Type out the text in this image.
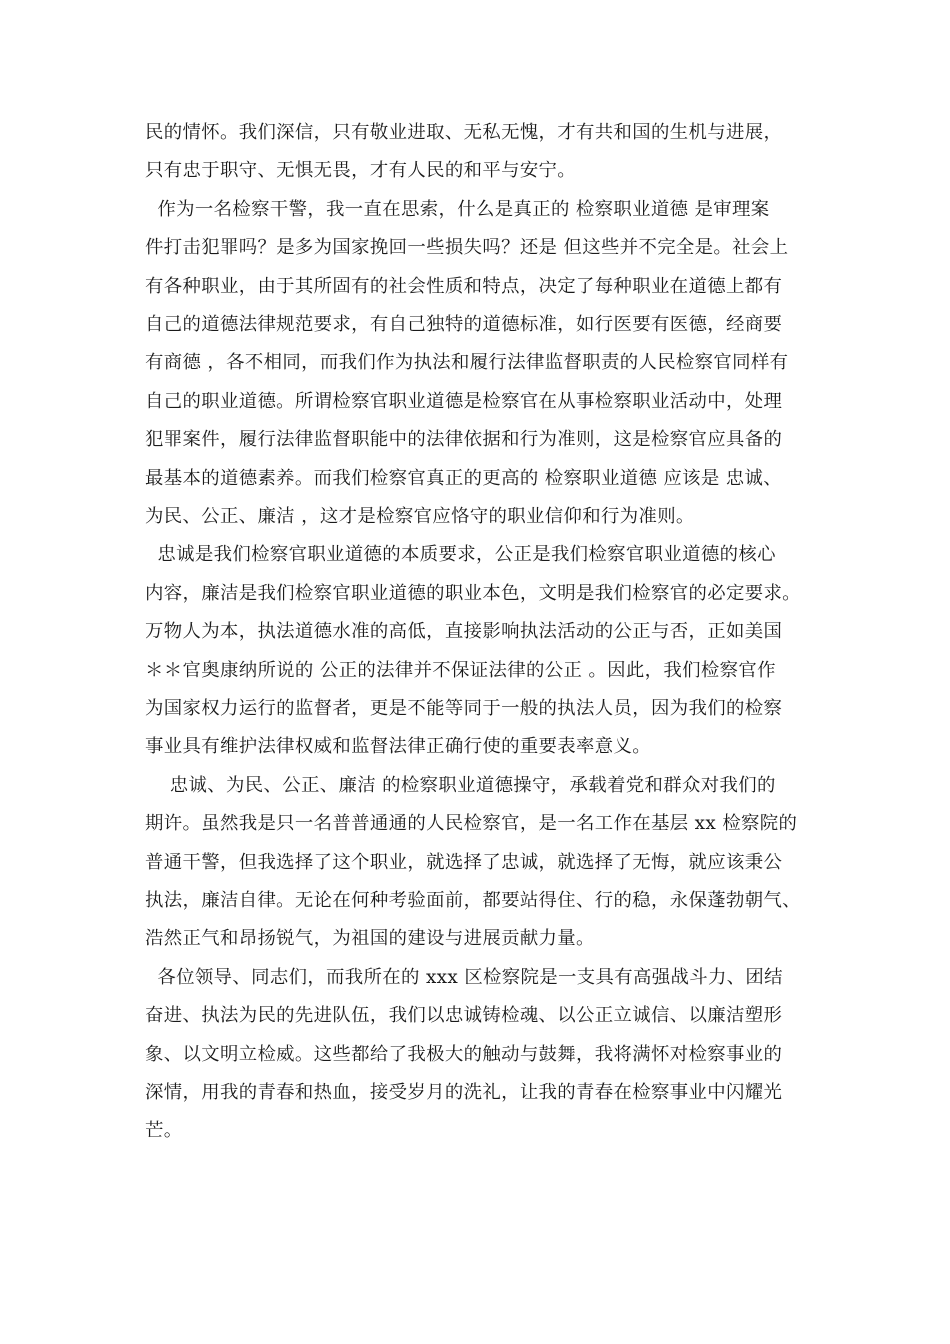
民的情怀。我们深信，只有敬业进取、无私无愧，才有共和国的生机与进展，
只有忠于职守、无惧无畏，才有人民的和平与安宁。
作为一名检察干警，我一直在思索，什么是真正的 检察职业道德 是审理案
件打击犯罪吗？是多为国家挽回一些损失吗？还是 但这些并不完全是。社会上
有各种职业，由于其所固有的社会性质和特点，决定了每种职业在道德上都有
自己的道德法律规范要求，有自己独特的道德标准，如行医要有医德，经商要
有商德 ，各不相同，而我们作为执法和履行法律监督职责的人民检察官同样有
自己的职业道德。所谓检察官职业道德是检察官在从事检察职业活动中，处理
犯罪案件，履行法律监督职能中的法律依据和行为准则，这是检察官应具备的
最基本的道德素养。而我们检察官真正的更高的 检察职业道德 应该是 忠诚、
为民、公正、廉洁 ，这才是检察官应恪守的职业信仰和行为准则。
忠诚是我们检察官职业道德的本质要求，公正是我们检察官职业道德的核心
内容，廉洁是我们检察官职业道德的职业本色，文明是我们检察官的必定要求。
万物人为本，执法道德水准的高低，直接影响执法活动的公正与否，正如美国
＊＊官奥康纳所说的 公正的法律并不保证法律的公正 。因此，我们检察官作
为国家权力运行的监督者，更是不能等同于一般的执法人员，因为我们的检察
事业具有维护法律权威和监督法律正确行使的重要表率意义。
忠诚、为民、公正、廉洁 的检察职业道德操守，承载着党和群众对我们的
期许。虽然我是只一名普普通通的人民检察官，是一名工作在基层 xx 检察院的
普通干警，但我选择了这个职业，就选择了忠诚，就选择了无悔，就应该秉公
执法，廉洁自律。无论在何种考验面前，都要站得住、行的稳，永保蓬勃朝气、
浩然正气和昂扬锐气，为祖国的建设与进展贡献力量。
各位领导、同志们，而我所在的 xxx 区检察院是一支具有高强战斗力、团结
奋进、执法为民的先进队伍，我们以忠诚铸检魂、以公正立诚信、以廉洁塑形
象、以文明立检威。这些都给了我极大的触动与鼓舞，我将满怀对检察事业的
深情，用我的青春和热血，接受岁月的洗礼，让我的青春在检察事业中闪耀光
芒。
